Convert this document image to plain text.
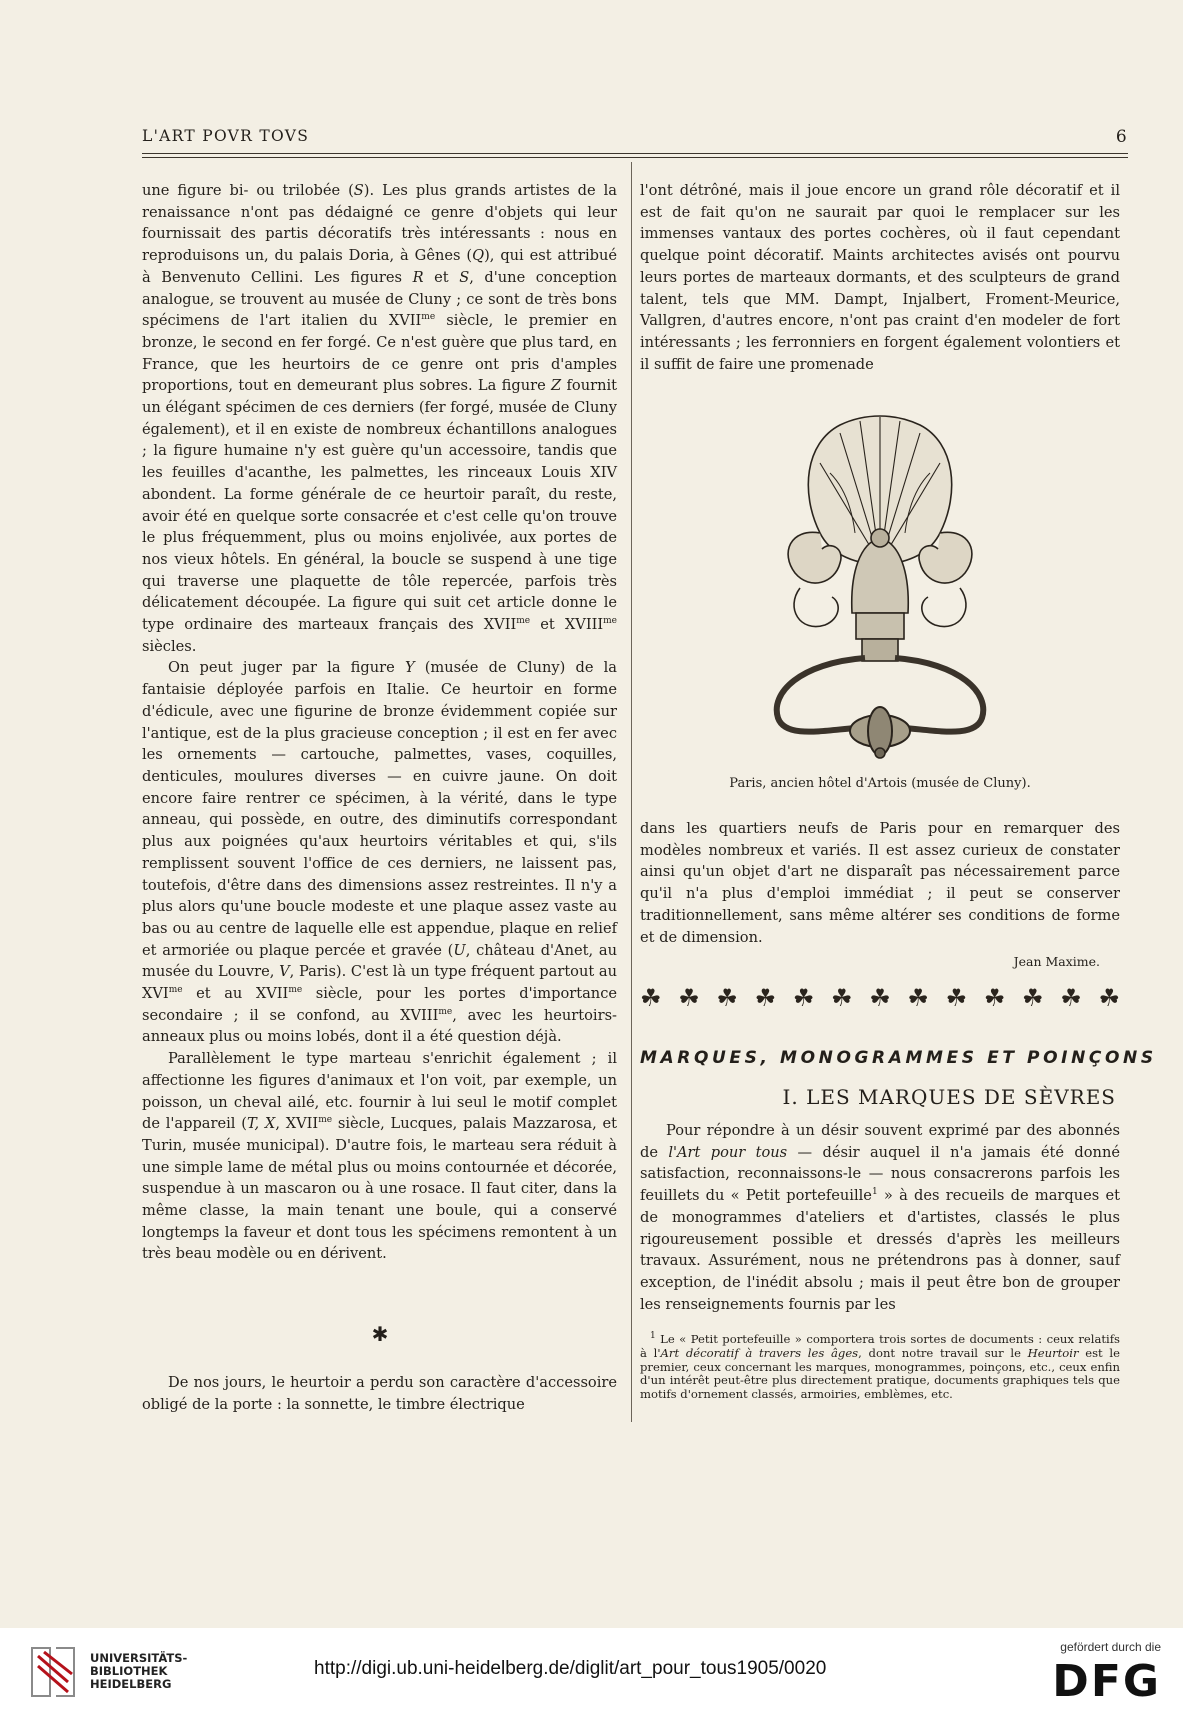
L'ART POVR TOVS	6

une figure bi- ou trilobée (S). Les plus grands artistes de la renaissance n'ont pas dédaigné ce genre d'objets qui leur fournissait des partis décoratifs très intéressants : nous en reproduisons un, du palais Doria, à Gênes (Q), qui est attribué à Benvenuto Cellini. Les figures R et S, d'une conception analogue, se trouvent au musée de Cluny ; ce sont de très bons spécimens de l'art italien du $XVII^{me}$ siècle, le premier en bronze, le second en fer forgé. Ce n'est guère que plus tard, en France, que les heurtoirs de ce genre ont pris d'amples proportions, tout en demeurant plus sobres. La figure Z fournit un élégant spécimen de ces derniers (fer forgé, musée de Cluny également), et il en existe de nombreux échantillons analogues ; la figure humaine n'y est guère qu'un accessoire, tandis que les feuilles d'acanthe, les palmettes, les rinceaux Louis XIV abondent. La forme générale de ce heurtoir paraît, du reste, avoir été en quelque sorte consacrée et c'est celle qu'on trouve le plus fréquemment, plus ou moins enjolivée, aux portes de nos vieux hôtels. En général, la boucle se suspend à une tige qui traverse une plaquette de tôle repercée, parfois très délicatement découpée. La figure qui suit cet article donne le type ordinaire des marteaux français des $XVII^{me}$ et $XVIII^{me}$ siècles.

On peut juger par la figure Y (musée de Cluny) de la fantaisie déployée parfois en Italie. Ce heurtoir en forme d'édicule, avec une figurine de bronze évidemment copiée sur l'antique, est de la plus gracieuse conception ; il est en fer avec les ornements — cartouche, palmettes, vases, coquilles, denticules, moulures diverses — en cuivre jaune. On doit encore faire rentrer ce spécimen, à la vérité, dans le type anneau, qui possède, en outre, des diminutifs correspondant plus aux poignées qu'aux heurtoirs véritables et qui, s'ils remplissent souvent l'office de ces derniers, ne laissent pas, toutefois, d'être dans des dimensions assez restreintes. Il n'y a plus alors qu'une boucle modeste et une plaque assez vaste au bas ou au centre de laquelle elle est appendue, plaque en relief et armoriée ou plaque percée et gravée (U, château d'Anet, au musée du Louvre, V, Paris). C'est là un type fréquent partout au $XVI^{me}$ et au $XVII^{me}$ siècle, pour les portes d'importance secondaire ; il se confond, au $XVIII^{me}$, avec les heurtoirs-anneaux plus ou moins lobés, dont il a été question déjà.

Parallèlement le type marteau s'enrichit également ; il affectionne les figures d'animaux et l'on voit, par exemple, un poisson, un cheval ailé, etc. fournir à lui seul le motif complet de l'appareil (T, X, $XVII^{me}$ siècle, Lucques, palais Mazzarosa, et Turin, musée municipal). D'autre fois, le marteau sera réduit à une simple lame de métal plus ou moins contournée et décorée, suspendue à un mascaron ou à une rosace. Il faut citer, dans la même classe, la main tenant une boule, qui a conservé longtemps la faveur et dont tous les spécimens remontent à un très beau modèle ou en dérivent.

✱

De nos jours, le heurtoir a perdu son caractère d'accessoire obligé de la porte : la sonnette, le timbre électrique

l'ont détrôné, mais il joue encore un grand rôle décoratif et il est de fait qu'on ne saurait par quoi le remplacer sur les immenses vantaux des portes cochères, où il faut cependant quelque point décoratif. Maints architectes avisés ont pourvu leurs portes de marteaux dormants, et des sculpteurs de grand talent, tels que MM. Dampt, Injalbert, Froment-Meurice, Vallgren, d'autres encore, n'ont pas craint d'en modeler de fort intéressants ; les ferronniers en forgent également volontiers et il suffit de faire une promenade

Paris, ancien hôtel d'Artois (musée de Cluny).

dans les quartiers neufs de Paris pour en remarquer des modèles nombreux et variés. Il est assez curieux de constater ainsi qu'un objet d'art ne disparaît pas nécessairement parce qu'il n'a plus d'emploi immédiat ; il peut se conserver traditionnellement, sans même altérer ses conditions de forme et de dimension.

Jean Maxime.
☘ ☘ ☘ ☘ ☘ ☘ ☘ ☘ ☘ ☘ ☘ ☘ ☘
MARQUES, MONOGRAMMES ET POINÇONS
I. LES MARQUES DE SÈVRES

Pour répondre à un désir souvent exprimé par des abonnés de l'Art pour tous — désir auquel il n'a jamais été donné satisfaction, reconnaissons-le — nous consacrerons parfois les feuillets du « Petit portefeuille$^1$ » à des recueils de marques et de monogrammes d'ateliers et d'artistes, classés le plus rigoureusement possible et dressés d'après les meilleurs travaux. Assurément, nous ne prétendrons pas à donner, sauf exception, de l'inédit absolu ; mais il peut être bon de grouper les renseignements fournis par les

$^1$ Le « Petit portefeuille » comportera trois sortes de documents : ceux relatifs à l'Art décoratif à travers les âges, dont notre travail sur le Heurtoir est le premier, ceux concernant les marques, monogrammes, poinçons, etc., ceux enfin d'un intérêt peut-être plus directement pratique, documents graphiques tels que motifs d'ornement classés, armoiries, emblèmes, etc.

UNIVERSITÄTS-
BIBLIOTHEK
HEIDELBERG
http://digi.ub.uni-heidelberg.de/diglit/art_pour_tous1905/0020
gefördert durch die
DFG
